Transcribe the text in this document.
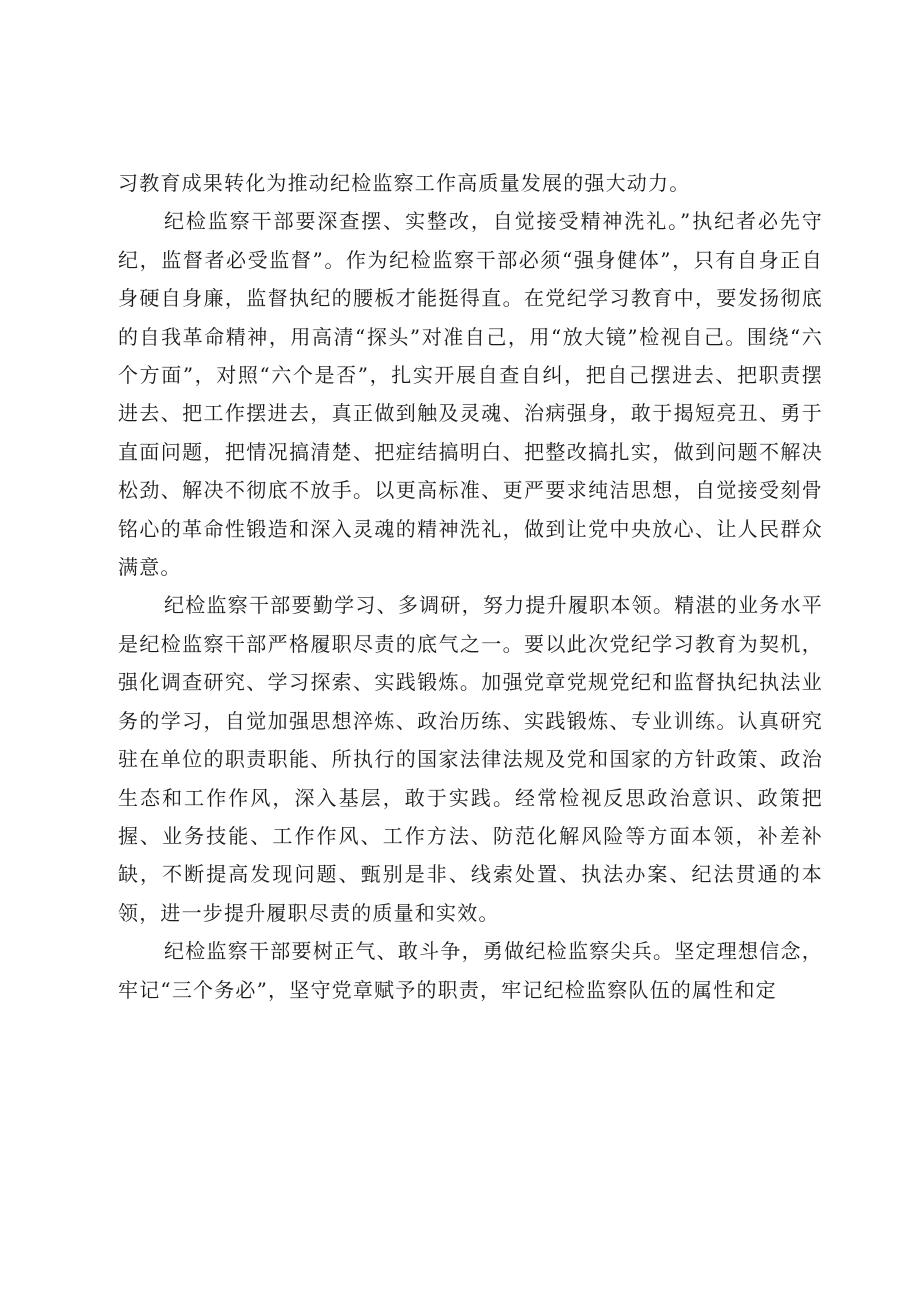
习教育成果转化为推动纪检监察工作高质量发展的强大动力。

纪检监察干部要深查摆、实整改，自觉接受精神洗礼。”执纪者必先守纪，监督者必受监督”。作为纪检监察干部必须“强身健体”，只有自身正自身硬自身廉，监督执纪的腰板才能挺得直。在党纪学习教育中，要发扬彻底的自我革命精神，用高清“探头”对准自己，用“放大镜”检视自己。围绕“六个方面”，对照“六个是否”，扎实开展自查自纠，把自己摆进去、把职责摆进去、把工作摆进去，真正做到触及灵魂、治病强身，敢于揭短亮丑、勇于直面问题，把情况搞清楚、把症结搞明白、把整改搞扎实，做到问题不解决松劲、解决不彻底不放手。以更高标准、更严要求纯洁思想，自觉接受刻骨铭心的革命性锻造和深入灵魂的精神洗礼，做到让党中央放心、让人民群众满意。

纪检监察干部要勤学习、多调研，努力提升履职本领。精湛的业务水平是纪检监察干部严格履职尽责的底气之一。要以此次党纪学习教育为契机，强化调查研究、学习探索、实践锻炼。加强党章党规党纪和监督执纪执法业务的学习，自觉加强思想淬炼、政治历练、实践锻炼、专业训练。认真研究驻在单位的职责职能、所执行的国家法律法规及党和国家的方针政策、政治生态和工作作风，深入基层，敢于实践。经常检视反思政治意识、政策把握、业务技能、工作作风、工作方法、防范化解风险等方面本领，补差补缺，不断提高发现问题、甄别是非、线索处置、执法办案、纪法贯通的本领，进一步提升履职尽责的质量和实效。

纪检监察干部要树正气、敢斗争，勇做纪检监察尖兵。坚定理想信念，牢记“三个务必”，坚守党章赋予的职责，牢记纪检监察队伍的属性和定
